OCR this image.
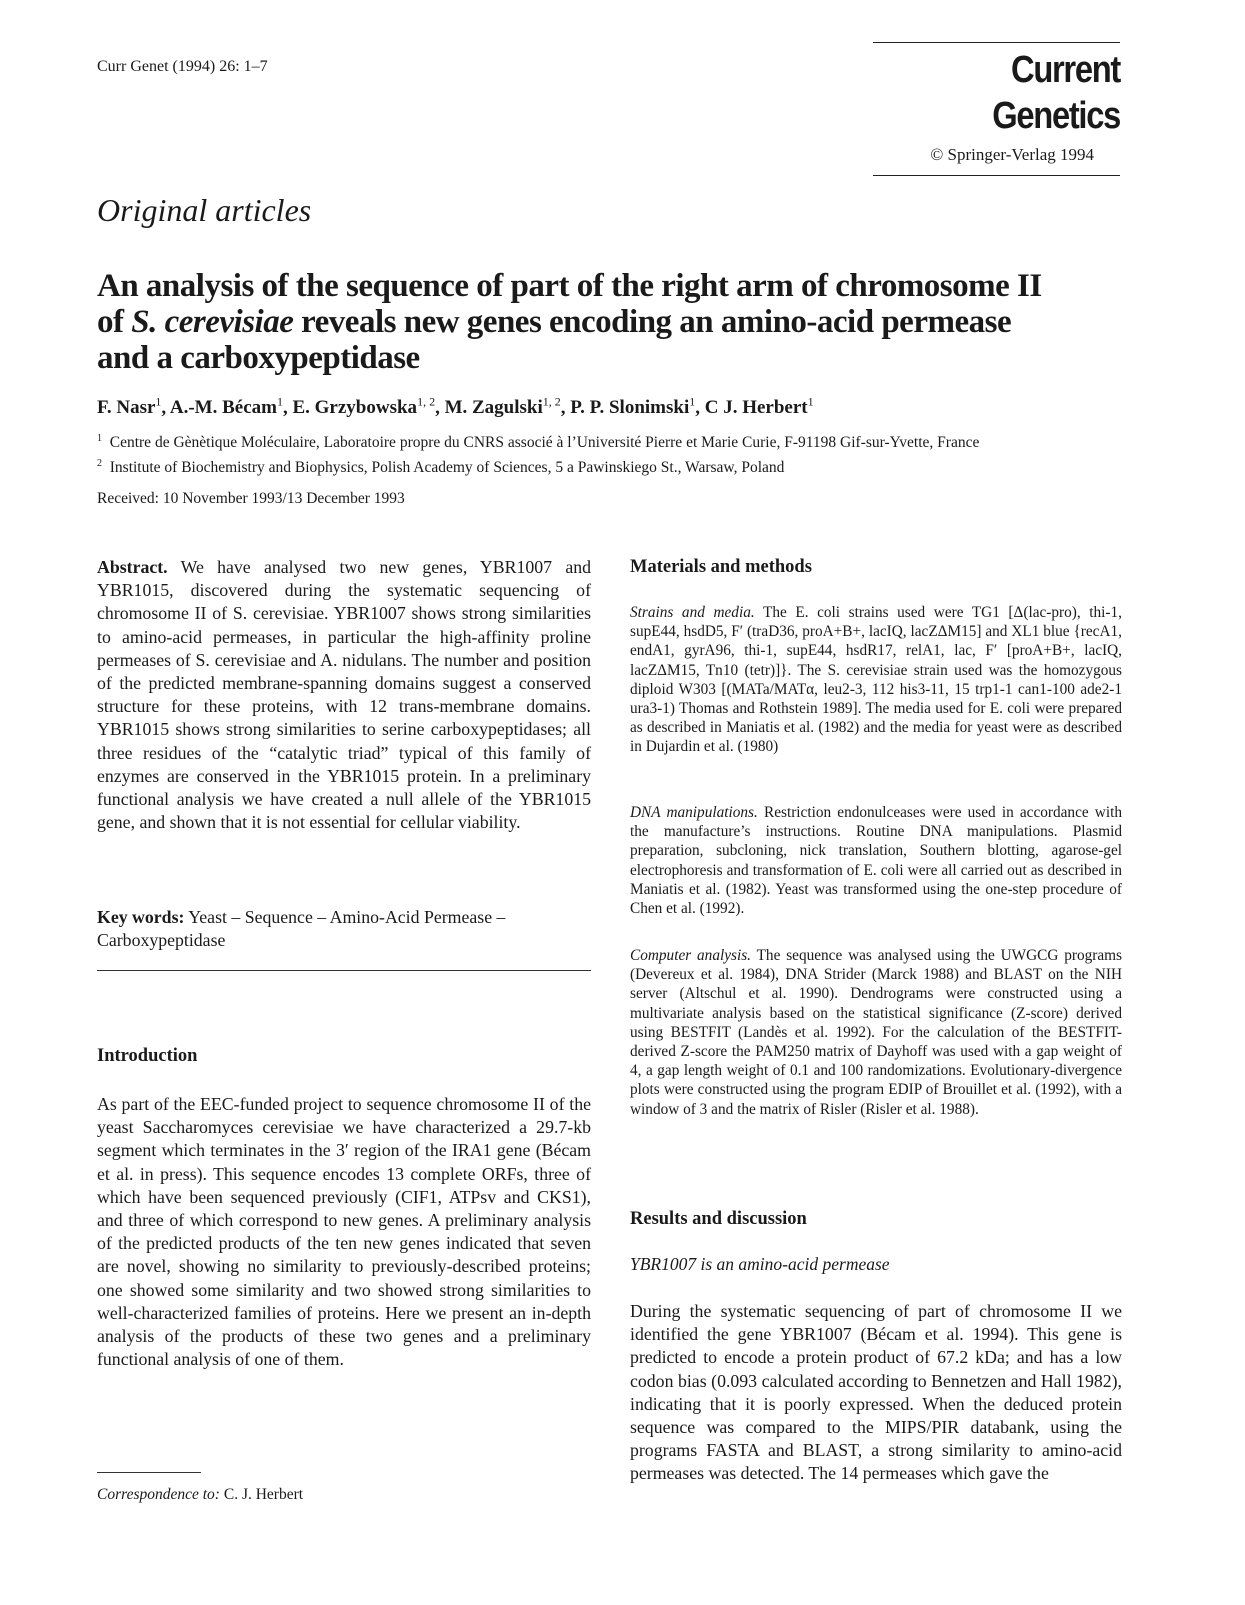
Curr Genet (1994) 26: 1–7	Current Genetics
© Springer-Verlag 1994
Original articles
An analysis of the sequence of part of the right arm of chromosome II
of S. cerevisiae reveals new genes encoding an amino-acid permease
and a carboxypeptidase
F. Nasr$^1$, A.-M. Bécam$^1$, E. Grzybowska$^{1, 2}$, M. Zagulski$^{1, 2}$, P. P. Slonimski$^1$, C J. Herbert$^1$
$^1$ Centre de Gènètique Moléculaire, Laboratoire propre du CNRS associé à l’Université Pierre et Marie Curie, F-91198 Gif-sur-Yvette, France
$^2$ Institute of Biochemistry and Biophysics, Polish Academy of Sciences, 5 a Pawinskiego St., Warsaw, Poland
Received: 10 November 1993/13 December 1993

Abstract. We have analysed two new genes, YBR1007 and YBR1015, discovered during the systematic sequencing of chromosome II of S. cerevisiae. YBR1007 shows strong similarities to amino-acid permeases, in particular the high-affinity proline permeases of S. cerevisiae and A. nidulans. The number and position of the predicted membrane-spanning domains suggest a conserved structure for these proteins, with 12 trans-membrane domains. YBR1015 shows strong similarities to serine carboxypeptidases; all three residues of the “catalytic triad” typical of this family of enzymes are conserved in the YBR1015 protein. In a preliminary functional analysis we have created a null allele of the YBR1015 gene, and shown that it is not essential for cellular viability.

Key words: Yeast – Sequence – Amino-Acid Permease – Carboxypeptidase

Introduction

As part of the EEC-funded project to sequence chromosome II of the yeast Saccharomyces cerevisiae we have characterized a 29.7-kb segment which terminates in the 3′ region of the IRA1 gene (Bécam et al. in press). This sequence encodes 13 complete ORFs, three of which have been sequenced previously (CIF1, ATPsv and CKS1), and three of which correspond to new genes. A preliminary analysis of the predicted products of the ten new genes indicated that seven are novel, showing no similarity to previously-described proteins; one showed some similarity and two showed strong similarities to well-characterized families of proteins. Here we present an in-depth analysis of the products of these two genes and a preliminary functional analysis of one of them.

Correspondence to: C. J. Herbert
Materials and methods

Strains and media. The E. coli strains used were TG1 [Δ(lac-pro), thi-1, supE44, hsdD5, F′ (traD36, proA+B+, lacIQ, lacZΔM15] and XL1 blue {recA1, endA1, gyrA96, thi-1, supE44, hsdR17, relA1, lac, F′ [proA+B+, lacIQ, lacZΔM15, Tn10 (tetr)]}. The S. cerevisiae strain used was the homozygous diploid W303 [(MATa/MATα, leu2-3, 112 his3-11, 15 trp1-1 can1-100 ade2-1 ura3-1) Thomas and Rothstein 1989]. The media used for E. coli were prepared as described in Maniatis et al. (1982) and the media for yeast were as described in Dujardin et al. (1980)

DNA manipulations. Restriction endonulceases were used in accordance with the manufacture’s instructions. Routine DNA manipulations. Plasmid preparation, subcloning, nick translation, Southern blotting, agarose-gel electrophoresis and transformation of E. coli were all carried out as described in Maniatis et al. (1982). Yeast was transformed using the one-step procedure of Chen et al. (1992).

Computer analysis. The sequence was analysed using the UWGCG programs (Devereux et al. 1984), DNA Strider (Marck 1988) and BLAST on the NIH server (Altschul et al. 1990). Dendrograms were constructed using a multivariate analysis based on the statistical significance (Z-score) derived using BESTFIT (Landès et al. 1992). For the calculation of the BESTFIT-derived Z-score the PAM250 matrix of Dayhoff was used with a gap weight of 4, a gap length weight of 0.1 and 100 randomizations. Evolutionary-divergence plots were constructed using the program EDIP of Brouillet et al. (1992), with a window of 3 and the matrix of Risler (Risler et al. 1988).

Results and discussion
YBR1007 is an amino-acid permease

During the systematic sequencing of part of chromosome II we identified the gene YBR1007 (Bécam et al. 1994). This gene is predicted to encode a protein product of 67.2 kDa; and has a low codon bias (0.093 calculated according to Bennetzen and Hall 1982), indicating that it is poorly expressed. When the deduced protein sequence was compared to the MIPS/PIR databank, using the programs FASTA and BLAST, a strong similarity to amino-acid permeases was detected. The 14 permeases which gave the
